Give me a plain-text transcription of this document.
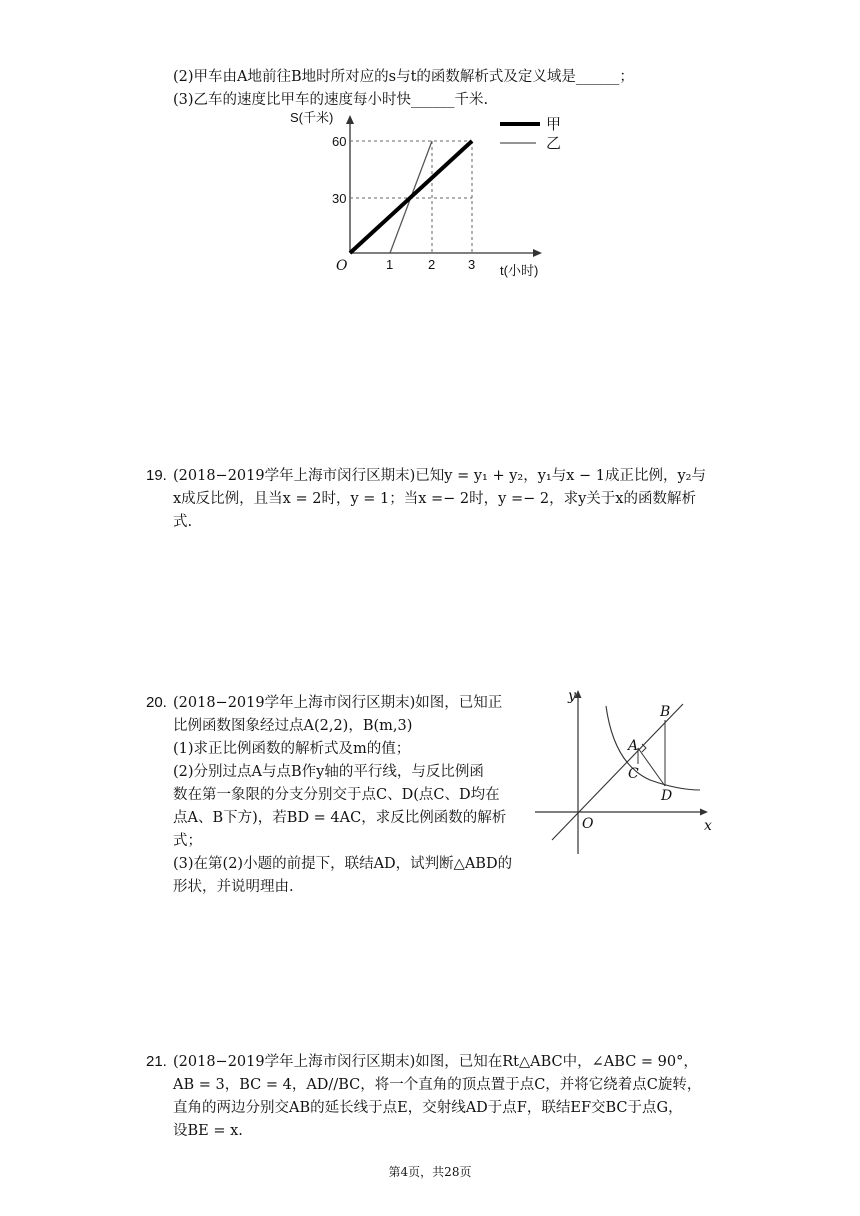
(2)甲车由A地前往B地时所对应的s与t的函数解析式及定义域是______；
(3)乙车的速度比甲车的速度每小时快______千米.
S(千米)
t(小时)
O
60
30
1	2	3
甲
乙
19. (2018−2019学年上海市闵行区期末)已知y = y₁ + y₂，y₁与x − 1成正比例，y₂与
x成反比例，且当x = 2时，y = 1；当x =− 2时，y =− 2，求y关于x的函数解析
式.
20. (2018−2019学年上海市闵行区期末)如图，已知正
比例函数图象经过点A(2,2)，B(m,3)
(1)求正比例函数的解析式及m的值；
(2)分别过点A与点B作y轴的平行线，与反比例函
数在第一象限的分支分别交于点C、D(点C、D均在
点A、B下方)，若BD = 4AC，求反比例函数的解析
式；
(3)在第(2)小题的前提下，联结AD，试判断△ABD的
形状，并说明理由.
y
x
O
A
B
C
D
21. (2018−2019学年上海市闵行区期末)如图，已知在Rt△ABC中，∠ABC = 90°，
AB = 3，BC = 4，AD//BC，将一个直角的顶点置于点C，并将它绕着点C旋转，
直角的两边分别交AB的延长线于点E，交射线AD于点F，联结EF交BC于点G，
设BE = x.
第4页，共28页
